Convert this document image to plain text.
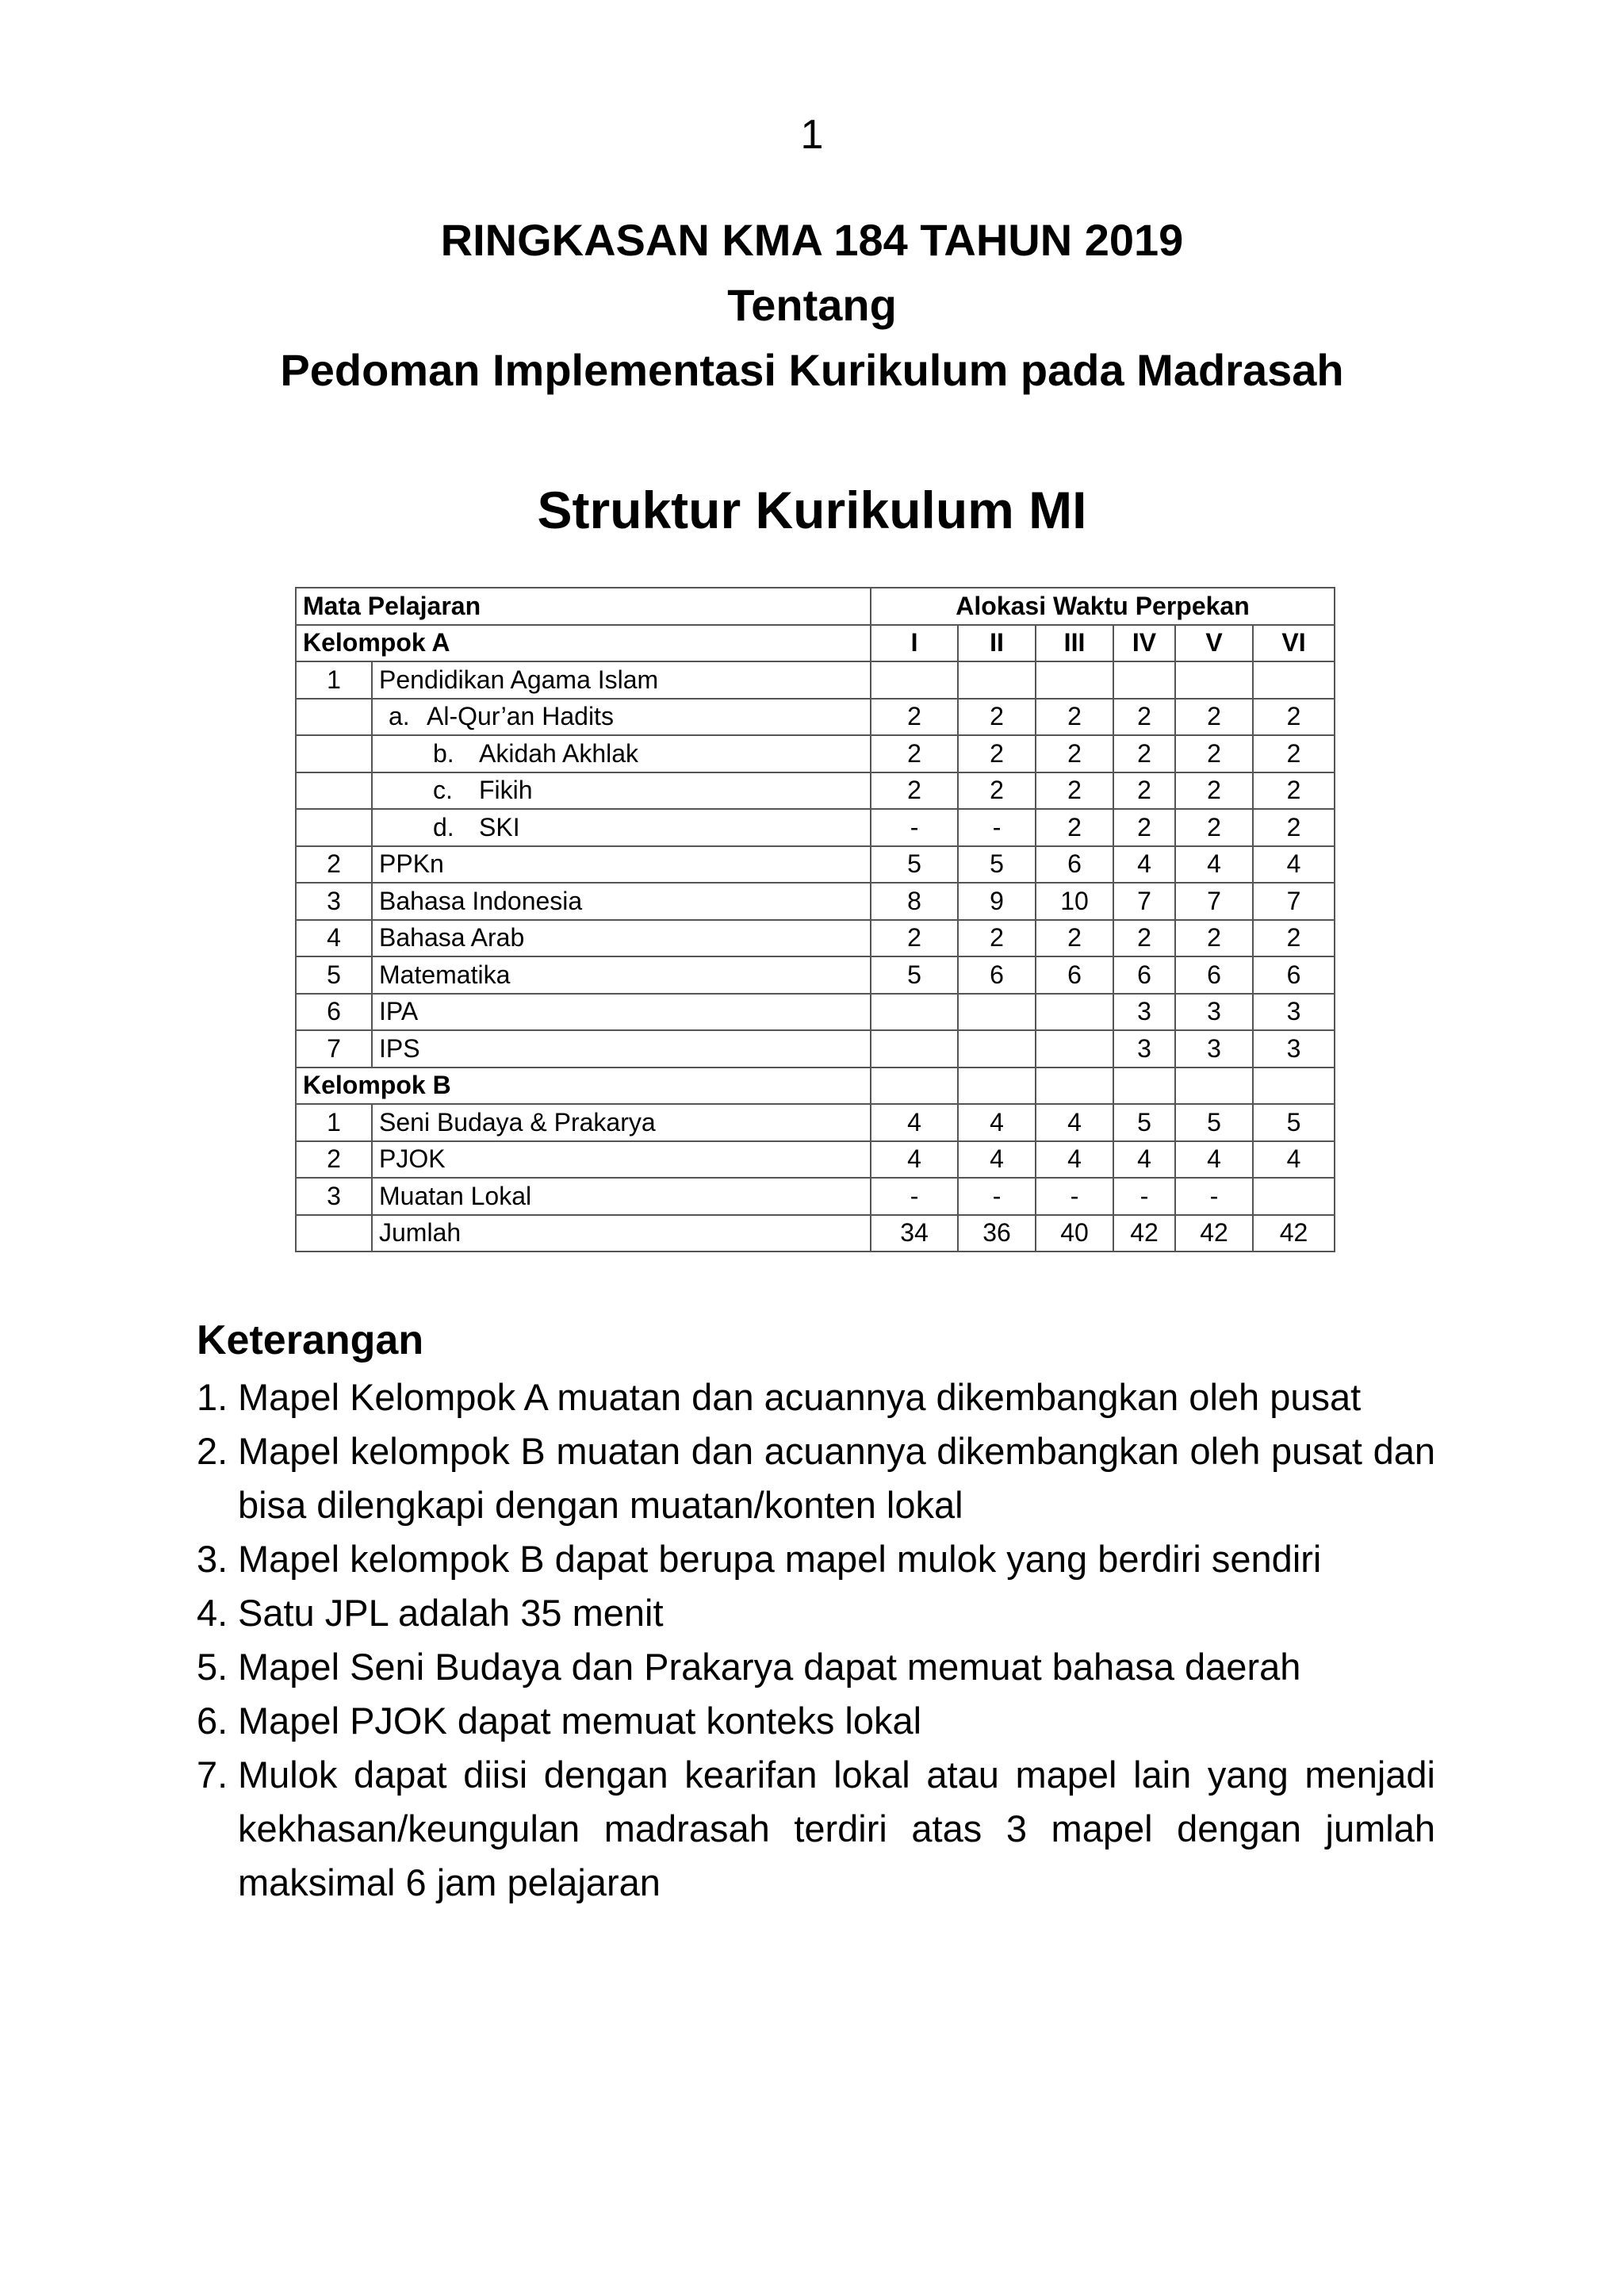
1
RINGKASAN KMA 184 TAHUN 2019
Tentang
Pedoman Implementasi Kurikulum pada Madrasah
Struktur Kurikulum MI
Mata Pelajaran		Alokasi Waktu Perpekan					
Kelompok A		I	II	III	IV	V	VI
1	Pendidikan Agama Islam						
	a. Al-Qur’an Hadits	2	2	2	2	2	2
	b. Akidah Akhlak	2	2	2	2	2	2
	c. Fikih	2	2	2	2	2	2
	d. SKI	-	-	2	2	2	2
2	PPKn	5	5	6	4	4	4
3	Bahasa Indonesia	8	9	10	7	7	7
4	Bahasa Arab	2	2	2	2	2	2
5	Matematika	5	6	6	6	6	6
6	IPA				3	3	3
7	IPS				3	3	3
Kelompok B							
1	Seni Budaya & Prakarya	4	4	4	5	5	5
2	PJOK	4	4	4	4	4	4
3	Muatan Lokal	-	-	-	-	-	
	Jumlah	34	36	40	42	42	42
Keterangan
1. Mapel Kelompok A muatan dan acuannya dikembangkan oleh pusat
2. Mapel kelompok B muatan dan acuannya dikembangkan oleh pusat dan bisa dilengkapi dengan muatan/konten lokal
3. Mapel kelompok B dapat berupa mapel mulok yang berdiri sendiri
4. Satu JPL adalah 35 menit
5. Mapel Seni Budaya dan Prakarya dapat memuat bahasa daerah
6. Mapel PJOK dapat memuat konteks lokal
7. Mulok dapat diisi dengan kearifan lokal atau mapel lain yang menjadi kekhasan/keungulan madrasah terdiri atas 3 mapel dengan jumlah maksimal 6 jam pelajaran
